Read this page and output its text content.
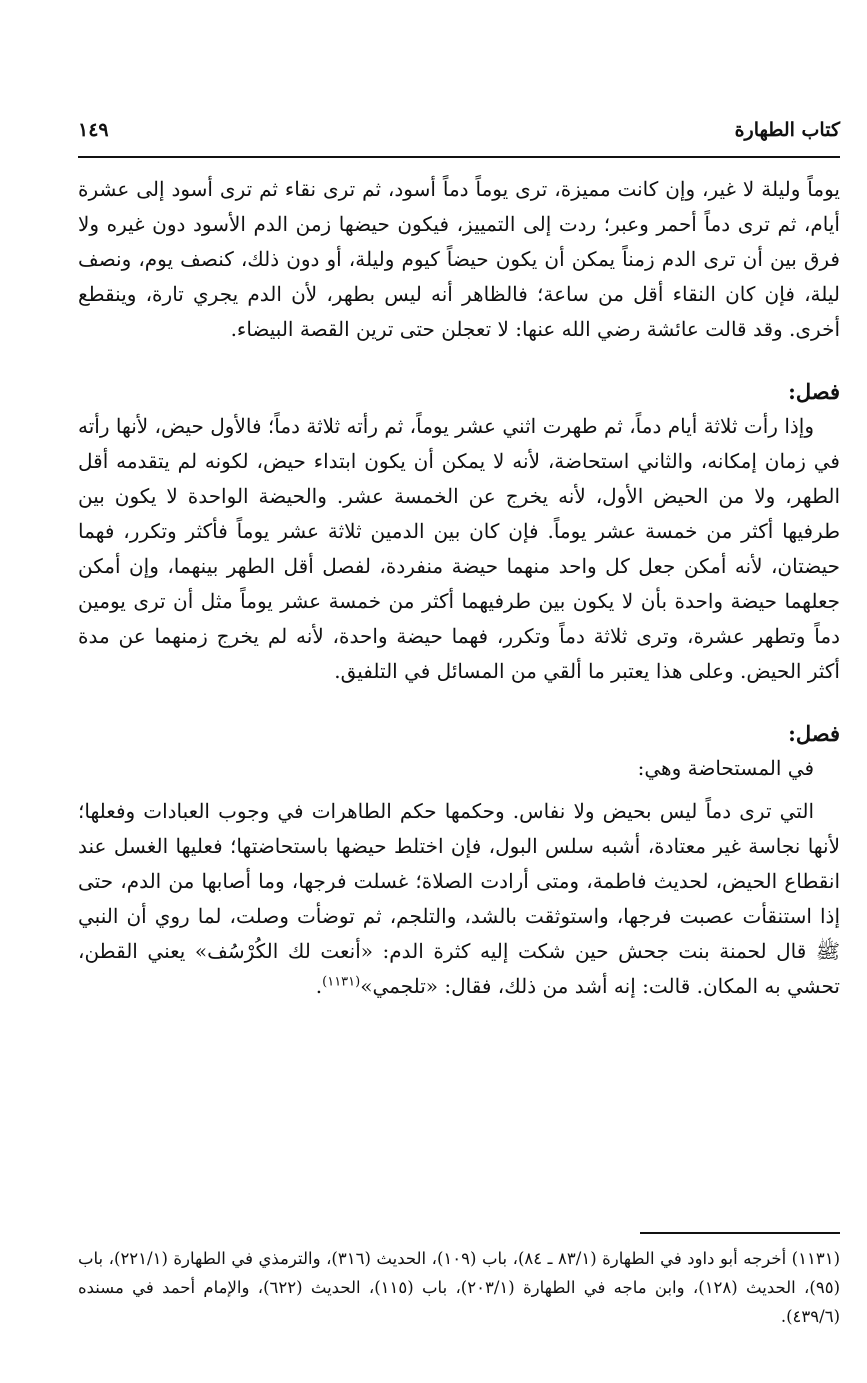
كتاب الطهارة
١٤٩

يوماً وليلة لا غير، وإن كانت مميزة، ترى يوماً دماً أسود، ثم ترى نقاء ثم ترى أسود إلى عشرة أيام، ثم ترى دماً أحمر وعبر؛ ردت إلى التمييز، فيكون حيضها زمن الدم الأسود دون غيره ولا فرق بين أن ترى الدم زمناً يمكن أن يكون حيضاً كيوم وليلة، أو دون ذلك، كنصف يوم، ونصف ليلة، فإن كان النقاء أقل من ساعة؛ فالظاهر أنه ليس بطهر، لأن الدم يجري تارة، وينقطع أخرى. وقد قالت عائشة رضي الله عنها: لا تعجلن حتى ترين القصة البيضاء.

فصل:

وإذا رأت ثلاثة أيام دماً، ثم طهرت اثني عشر يوماً، ثم رأته ثلاثة دماً؛ فالأول حيض، لأنها رأته في زمان إمكانه، والثاني استحاضة، لأنه لا يمكن أن يكون ابتداء حيض، لكونه لم يتقدمه أقل الطهر، ولا من الحيض الأول، لأنه يخرج عن الخمسة عشر. والحيضة الواحدة لا يكون بين طرفيها أكثر من خمسة عشر يوماً. فإن كان بين الدمين ثلاثة عشر يوماً فأكثر وتكرر، فهما حيضتان، لأنه أمكن جعل كل واحد منهما حيضة منفردة، لفصل أقل الطهر بينهما، وإن أمكن جعلهما حيضة واحدة بأن لا يكون بين طرفيهما أكثر من خمسة عشر يوماً مثل أن ترى يومين دماً وتطهر عشرة، وترى ثلاثة دماً وتكرر، فهما حيضة واحدة، لأنه لم يخرج زمنهما عن مدة أكثر الحيض. وعلى هذا يعتبر ما ألقي من المسائل في التلفيق.

فصل:

في المستحاضة وهي:

التي ترى دماً ليس بحيض ولا نفاس. وحكمها حكم الطاهرات في وجوب العبادات وفعلها؛ لأنها نجاسة غير معتادة، أشبه سلس البول، فإن اختلط حيضها باستحاضتها؛ فعليها الغسل عند انقطاع الحيض، لحديث فاطمة، ومتى أرادت الصلاة؛ غسلت فرجها، وما أصابها من الدم، حتى إذا استنقأت عصبت فرجها، واستوثقت بالشد، والتلجم، ثم توضأت وصلت، لما روي أن النبي ﷺ قال لحمنة بنت جحش حين شكت إليه كثرة الدم: «أنعت لك الكُرْسُف» يعني القطن، تحشي به المكان. قالت: إنه أشد من ذلك، فقال: «تلجمي»$^{(١١٣١)}$.

(١١٣١) أخرجه أبو داود في الطهارة (٨٣/١ ـ ٨٤)، باب (١٠٩)، الحديث (٣١٦)، والترمذي في الطهارة (٢٢١/١)، باب (٩٥)، الحديث (١٢٨)، وابن ماجه في الطهارة (٢٠٣/١)، باب (١١٥)، الحديث (٦٢٢)، والإمام أحمد في مسنده (٤٣٩/٦).
